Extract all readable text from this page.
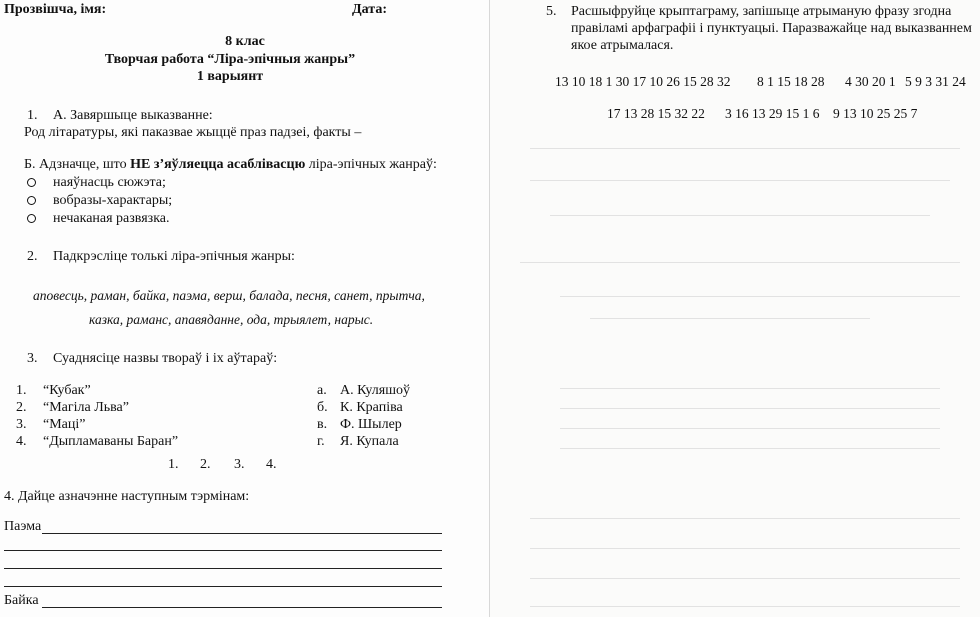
Прозвішча, імя:	Дата:
8 клас
Творчая работа “Ліра-эпічныя жанры”
1 варыянт
1. А. Завяршыце выказванне:
Род літаратуры, які паказвае жыццё праз падзеі, факты –
Б. Адзначце, што НЕ з’яўляецца асаблівасцю ліра-эпічных жанраў:
наяўнасць сюжэта;
вобразы-характары;
нечаканая развязка.
2. Падкрэсліце толькі ліра-эпічныя жанры:
аповесць, раман, байка, паэма, верш, балада, песня, санет, прытча,
казка, раманс, апавяданне, ода, трыялет, нарыс.
3. Суаднясіце назвы твораў і іх аўтараў:
1. “Кубак”
2. “Магіла Льва”
3. “Маці”
4. “Дыпламаваны Баран”
а. А. Куляшоў
б. К. Крапіва
в. Ф. Шылер
г. Я. Купала
1. 2. 3. 4.
4. Дайце азначэнне наступным тэрмінам:
Паэма
Байка
5. Расшыфруйце крыптаграму, запішыце атрыманую фразу згодна
правіламі арфаграфіі і пунктуацыі. Паразважайце над выказваннем
якое атрымалася.
13 10 18 1 30 17 10 26 15 28 32 8 1 15 18 28 4 30 20 1 5 9 3 31 24
17 13 28 15 32 22 3 16 13 29 15 1 6 9 13 10 25 25 7
